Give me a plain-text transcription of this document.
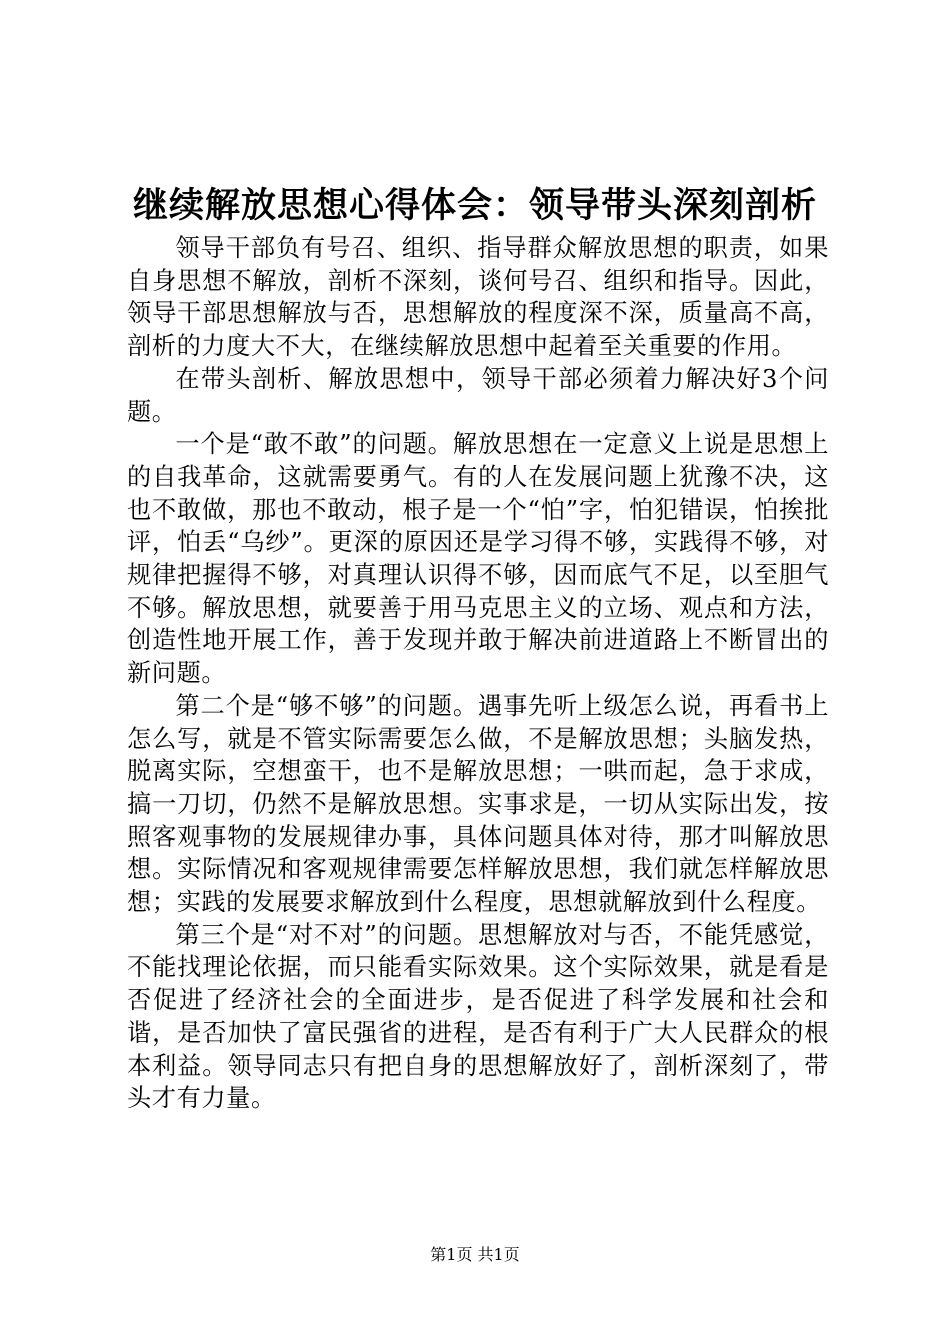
继续解放思想心得体会：领导带头深刻剖析

领导干部负有号召、组织、指导群众解放思想的职责，如果自身思想不解放，剖析不深刻，谈何号召、组织和指导。因此，领导干部思想解放与否，思想解放的程度深不深，质量高不高，剖析的力度大不大，在继续解放思想中起着至关重要的作用。

在带头剖析、解放思想中，领导干部必须着力解决好3个问题。

一个是“敢不敢”的问题。解放思想在一定意义上说是思想上的自我革命，这就需要勇气。有的人在发展问题上犹豫不决，这也不敢做，那也不敢动，根子是一个“怕”字，怕犯错误，怕挨批评，怕丢“乌纱”。更深的原因还是学习得不够，实践得不够，对规律把握得不够，对真理认识得不够，因而底气不足，以至胆气不够。解放思想，就要善于用马克思主义的立场、观点和方法，创造性地开展工作，善于发现并敢于解决前进道路上不断冒出的新问题。

第二个是“够不够”的问题。遇事先听上级怎么说，再看书上怎么写，就是不管实际需要怎么做，不是解放思想；头脑发热，脱离实际，空想蛮干，也不是解放思想；一哄而起，急于求成，搞一刀切，仍然不是解放思想。实事求是，一切从实际出发，按照客观事物的发展规律办事，具体问题具体对待，那才叫解放思想。实际情况和客观规律需要怎样解放思想，我们就怎样解放思想；实践的发展要求解放到什么程度，思想就解放到什么程度。

第三个是“对不对”的问题。思想解放对与否，不能凭感觉，不能找理论依据，而只能看实际效果。这个实际效果，就是看是否促进了经济社会的全面进步，是否促进了科学发展和社会和谐，是否加快了富民强省的进程，是否有利于广大人民群众的根本利益。领导同志只有把自身的思想解放好了，剖析深刻了，带头才有力量。

第1页 共1页
